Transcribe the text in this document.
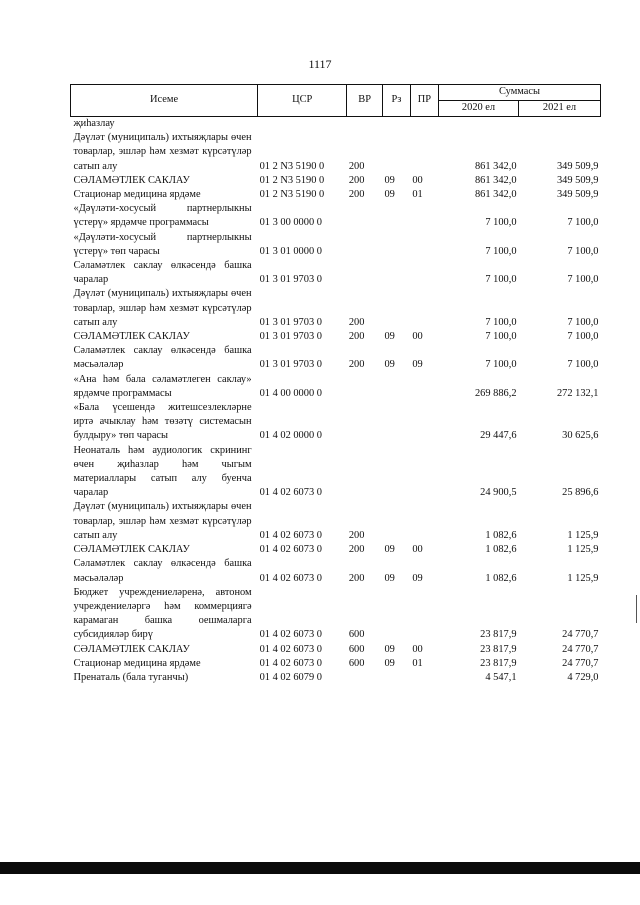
1117
Исеме	ЦСР	ВР	Рз	ПР	Суммасы	
					2020 ел	2021 ел
җиһазлау						
Дәүләт (муниципаль) ихтыяҗлары өчен товарлар, эшләр һәм хезмәт күрсәтүләр сатып алу	01 2 N3 5190 0	200			861 342,0	349 509,9
СӘЛАМӘТЛЕК САКЛАУ	01 2 N3 5190 0	200	09	00	861 342,0	349 509,9
Стационар медицина ярдәме	01 2 N3 5190 0	200	09	01	861 342,0	349 509,9
«Дәүләти-хосусый партнерлыкны үстерү» ярдәмче программасы	01 3 00 0000 0				7 100,0	7 100,0
«Дәүләти-хосусый партнерлыкны үстерү» төп чарасы	01 3 01 0000 0				7 100,0	7 100,0
Сәламәтлек саклау өлкәсендә башка чаралар	01 3 01 9703 0				7 100,0	7 100,0
Дәүләт (муниципаль) ихтыяҗлары өчен товарлар, эшләр һәм хезмәт күрсәтүләр сатып алу	01 3 01 9703 0	200			7 100,0	7 100,0
СӘЛАМӘТЛЕК САКЛАУ	01 3 01 9703 0	200	09	00	7 100,0	7 100,0
Сәламәтлек саклау өлкәсендә башка мәсьәләләр	01 3 01 9703 0	200	09	09	7 100,0	7 100,0
«Ана һәм бала сәламәтлеген саклау» ярдәмче программасы	01 4 00 0000 0				269 886,2	272 132,1
«Бала үсешендә житешсезлекләрне иртә ачыклау һәм төзәтү системасын булдыру» төп чарасы	01 4 02 0000 0				29 447,6	30 625,6
Неонаталь һәм аудиологик скрининг өчен җиһазлар һәм чыгым материаллары сатып алу буенча чаралар	01 4 02 6073 0				24 900,5	25 896,6
Дәүләт (муниципаль) ихтыяҗлары өчен товарлар, эшләр һәм хезмәт күрсәтүләр сатып алу	01 4 02 6073 0	200			1 082,6	1 125,9
СӘЛАМӘТЛЕК САКЛАУ	01 4 02 6073 0	200	09	00	1 082,6	1 125,9
Сәламәтлек саклау өлкәсендә башка мәсьәләләр	01 4 02 6073 0	200	09	09	1 082,6	1 125,9
Бюджет учреждениеләренә, автоном учреждениеләргә һәм коммерциягә карамаган башка оешмаларга субсидияләр бирү	01 4 02 6073 0	600			23 817,9	24 770,7
СӘЛАМӘТЛЕК САКЛАУ	01 4 02 6073 0	600	09	00	23 817,9	24 770,7
Стационар медицина ярдәме	01 4 02 6073 0	600	09	01	23 817,9	24 770,7
Пренаталь (бала туганчы)	01 4 02 6079 0				4 547,1	4 729,0
